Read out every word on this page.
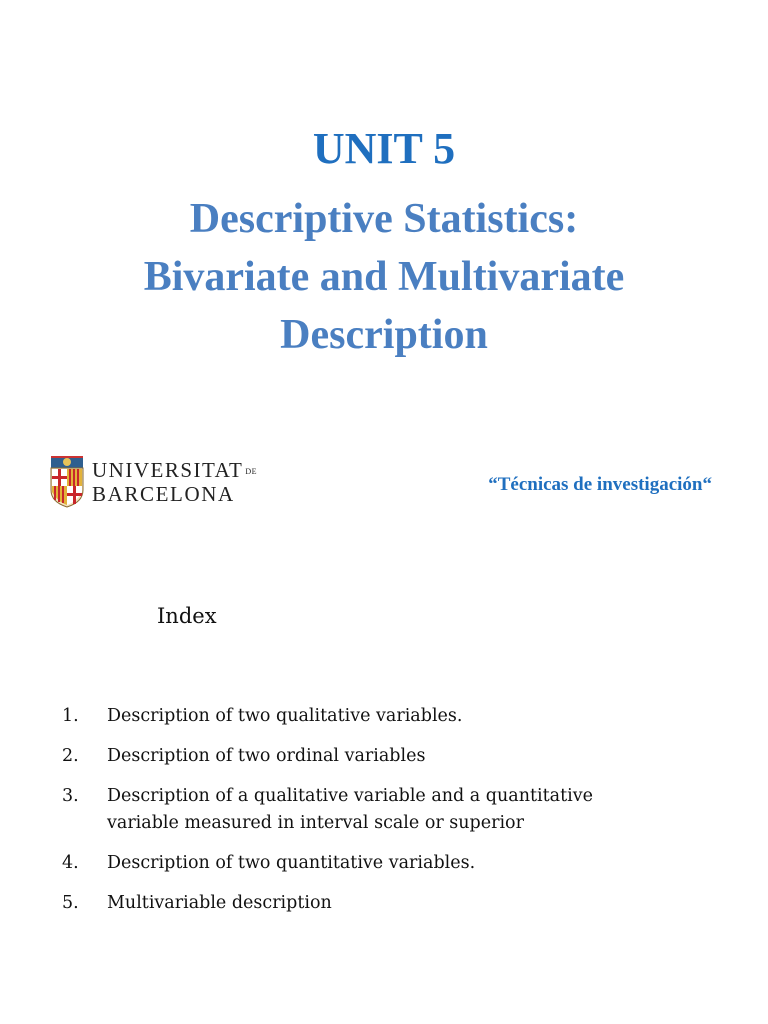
UNIT 5
Descriptive Statistics:
Bivariate and Multivariate
Description
UNIVERSITAT DE
BARCELONA	“Técnicas de investigación“
Index
1.	Description of two qualitative variables.
2.	Description of two ordinal variables
3.	Description of a qualitative variable and a quantitative variable measured in interval scale or superior
4.	Description of two quantitative variables.
5.	Multivariable description
